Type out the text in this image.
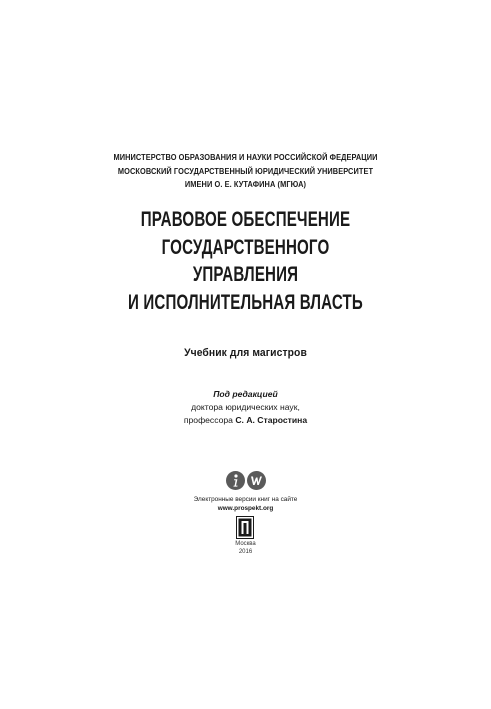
МИНИСТЕРСТВО ОБРАЗОВАНИЯ И НАУКИ РОССИЙСКОЙ ФЕДЕРАЦИИ
МОСКОВСКИЙ ГОСУДАРСТВЕННЫЙ ЮРИДИЧЕСКИЙ УНИВЕРСИТЕТ
ИМЕНИ О. Е. КУТАФИНА (МГЮА)
ПРАВОВОЕ ОБЕСПЕЧЕНИЕ
ГОСУДАРСТВЕННОГО
УПРАВЛЕНИЯ
И ИСПОЛНИТЕЛЬНАЯ ВЛАСТЬ
Учебник для магистров
Под редакцией
доктора юридических наук,
профессора С. А. Старостина
Электронные версии книг на сайте
www.prospekt.org
Москва
2016
